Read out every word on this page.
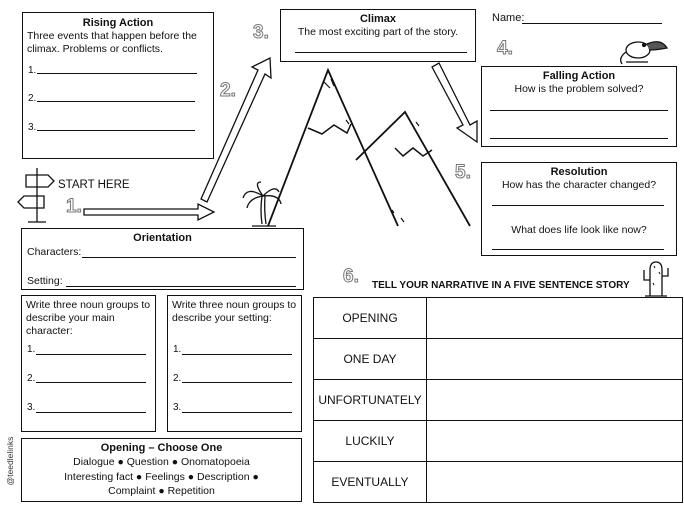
1.
2.
3.
4.
5.
6.
START HERE
Name:
Rising Action
Three events that happen before the climax. Problems or conflicts.
1.
2.
3.
Climax
The most exciting part of the story.
Falling Action
How is the problem solved?
Resolution
How has the character changed?
What does life look like now?
Orientation
Characters:
Setting:
Write three noun groups to describe your main character:
1.
2.
3.
Write three noun groups to describe your setting:
1.
2.
3.
Opening – Choose One
Dialogue ● Question ● Onomatopoeia
Interesting fact ● Feelings ● Description ●
Complaint ● Repetition
@teedlelinks
TELL YOUR NARRATIVE IN A FIVE SENTENCE STORY
OPENING	
ONE DAY	
UNFORTUNATELY	
LUCKILY	
EVENTUALLY	
